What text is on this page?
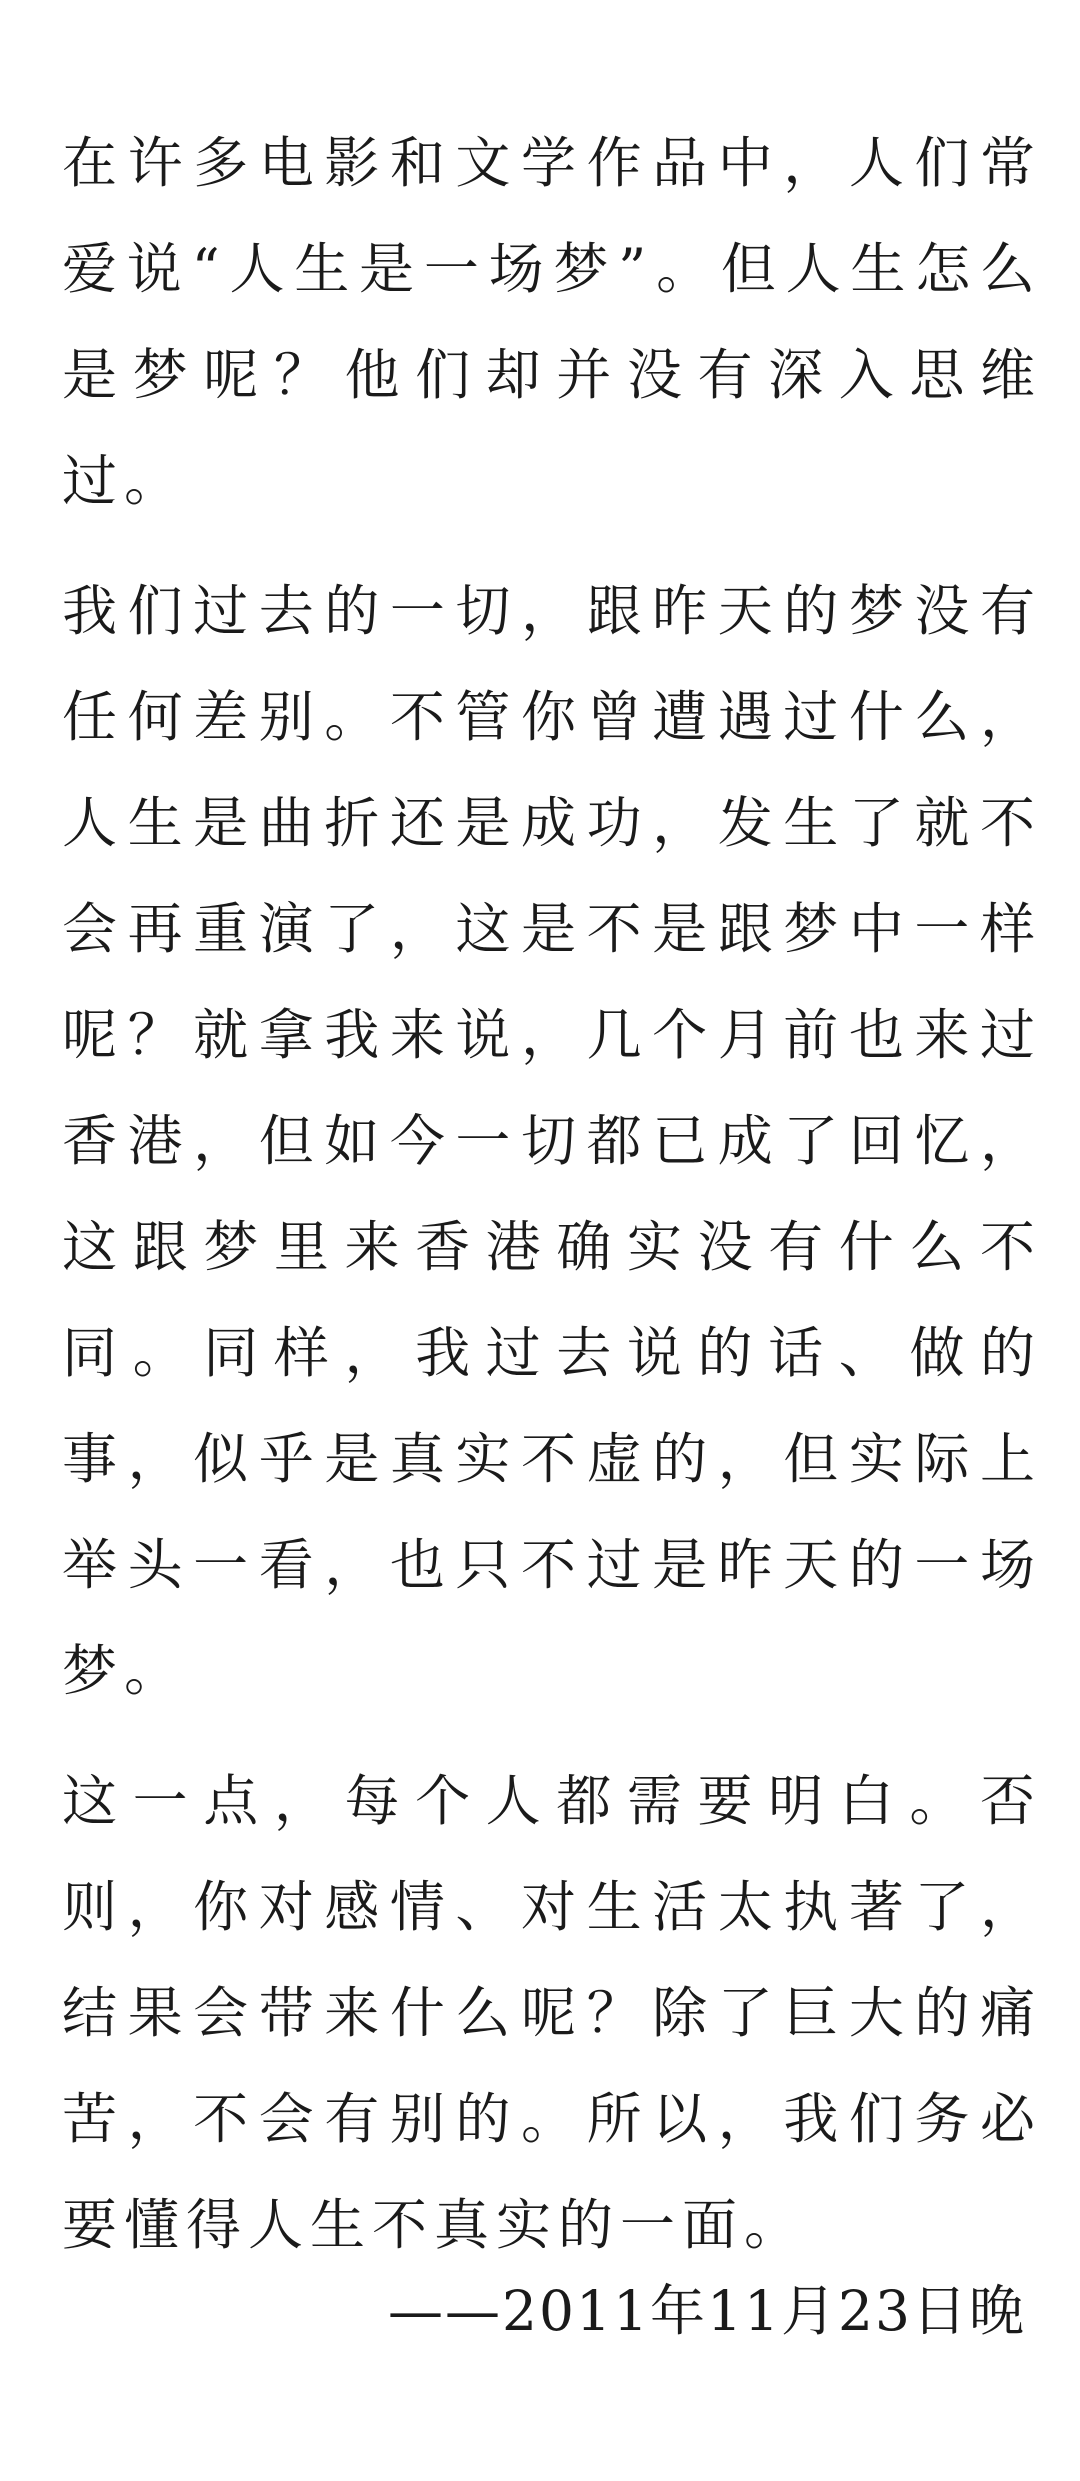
在许多电影和文学作品中，人们常爱说“人生是一场梦”。但人生怎么是梦呢？他们却并没有深入思维过。

我们过去的一切，跟昨天的梦没有任何差别。不管你曾遭遇过什么，人生是曲折还是成功，发生了就不会再重演了，这是不是跟梦中一样呢？就拿我来说，几个月前也来过香港，但如今一切都已成了回忆，这跟梦里来香港确实没有什么不同。同样，我过去说的话、做的事，似乎是真实不虚的，但实际上举头一看，也只不过是昨天的一场梦。

这一点，每个人都需要明白。否则，你对感情、对生活太执著了，结果会带来什么呢？除了巨大的痛苦，不会有别的。所以，我们务必要懂得人生不真实的一面。

——2011年11月23日晚
